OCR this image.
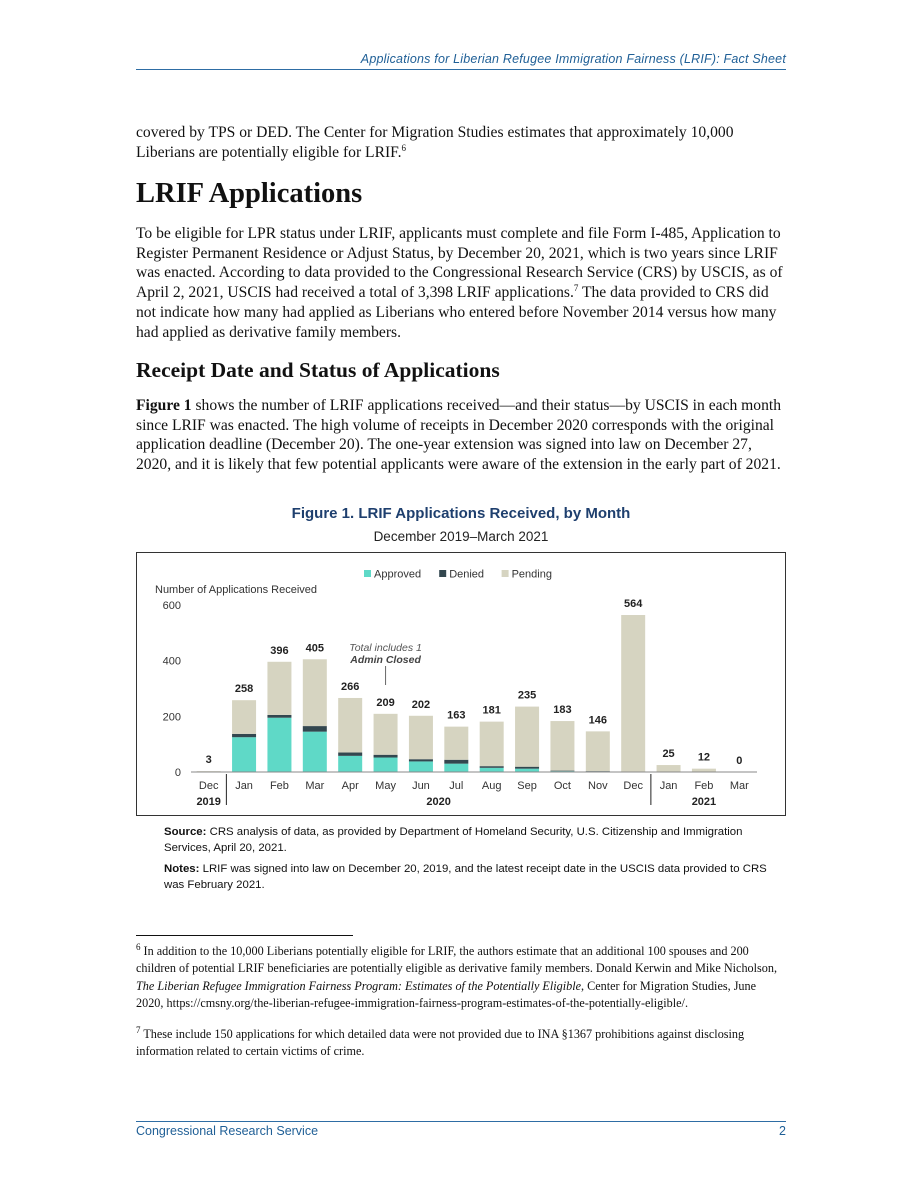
Applications for Liberian Refugee Immigration Fairness (LRIF): Fact Sheet

covered by TPS or DED. The Center for Migration Studies estimates that approximately 10,000 Liberians are potentially eligible for LRIF.$^6$

LRIF Applications

To be eligible for LPR status under LRIF, applicants must complete and file Form I-485, Application to Register Permanent Residence or Adjust Status, by December 20, 2021, which is two years since LRIF was enacted. According to data provided to the Congressional Research Service (CRS) by USCIS, as of April 2, 2021, USCIS had received a total of 3,398 LRIF applications.$^7$ The data provided to CRS did not indicate how many had applied as Liberians who entered before November 2014 versus how many had applied as derivative family members.

Receipt Date and Status of Applications

Figure 1 shows the number of LRIF applications received—and their status—by USCIS in each month since LRIF was enacted. The high volume of receipts in December 2020 corresponds with the original application deadline (December 20). The one-year extension was signed into law on December 27, 2020, and it is likely that few potential applicants were aware of the extension in the early part of 2021.

Figure 1. LRIF Applications Received, by Month
December 2019–March 2021
Number of Applications Received
0
200
400
600
Approved	Denied	Pending
3
Dec
258
Jan
396
Feb
405
Mar
266
Apr
209
May
202
Jun
163
Jul
181
Aug
235
Sep
183
Oct
146
Nov
564
Dec
25
Jan
12
Feb
0
Mar
2019	2020	2021
Total includes 1
Admin Closed

Source: CRS analysis of data, as provided by Department of Homeland Security, U.S. Citizenship and Immigration Services, April 20, 2021.

Notes: LRIF was signed into law on December 20, 2019, and the latest receipt date in the USCIS data provided to CRS was February 2021.

$^6$ In addition to the 10,000 Liberians potentially eligible for LRIF, the authors estimate that an additional 100 spouses and 200 children of potential LRIF beneficiaries are potentially eligible as derivative family members. Donald Kerwin and Mike Nicholson, The Liberian Refugee Immigration Fairness Program: Estimates of the Potentially Eligible, Center for Migration Studies, June 2020, https://cmsny.org/the-liberian-refugee-immigration-fairness-program-estimates-of-the-potentially-eligible/.

$^7$ These include 150 applications for which detailed data were not provided due to INA §1367 prohibitions against disclosing information related to certain victims of crime.

Congressional Research Service	2
